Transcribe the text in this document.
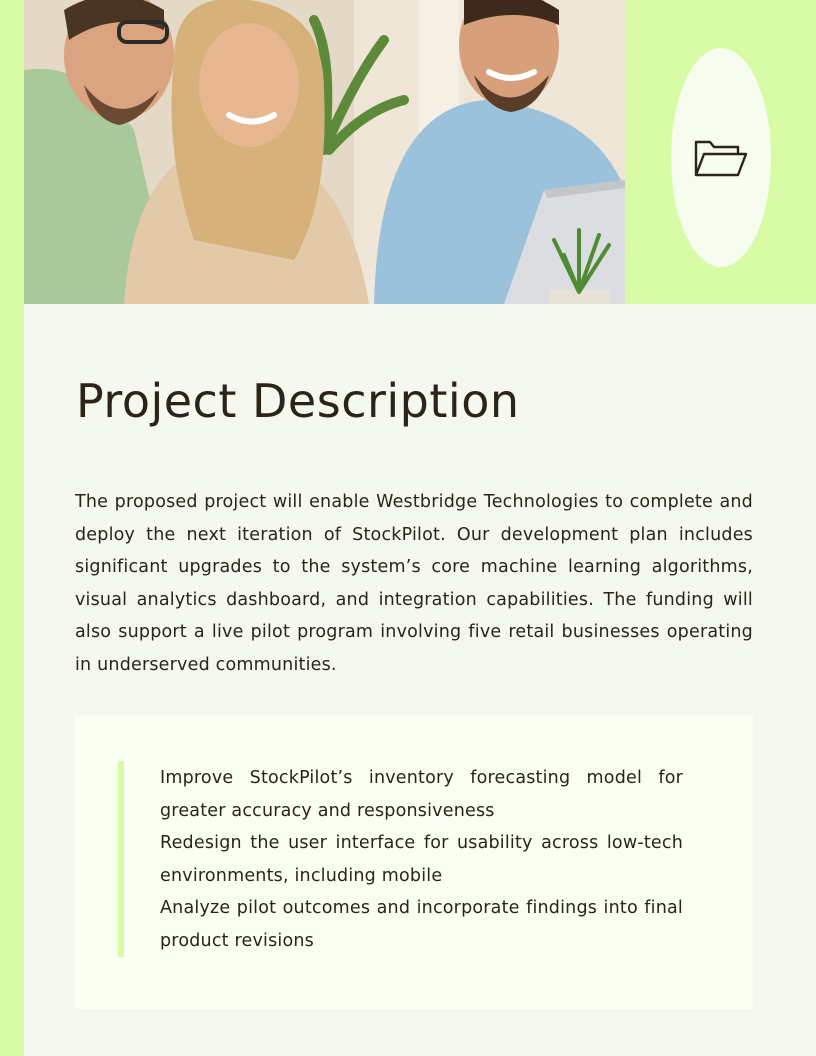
Project Description

The proposed project will enable Westbridge Technologies to complete and deploy the next iteration of StockPilot. Our development plan includes significant upgrades to the system’s core machine learning algorithms, visual analytics dashboard, and integration capabilities. The funding will also support a live pilot program involving five retail businesses operating in underserved communities.

Improve StockPilot’s inventory forecasting model for greater accuracy and responsiveness
Redesign the user interface for usability across low-tech environments, including mobile
Analyze pilot outcomes and incorporate findings into final product revisions
